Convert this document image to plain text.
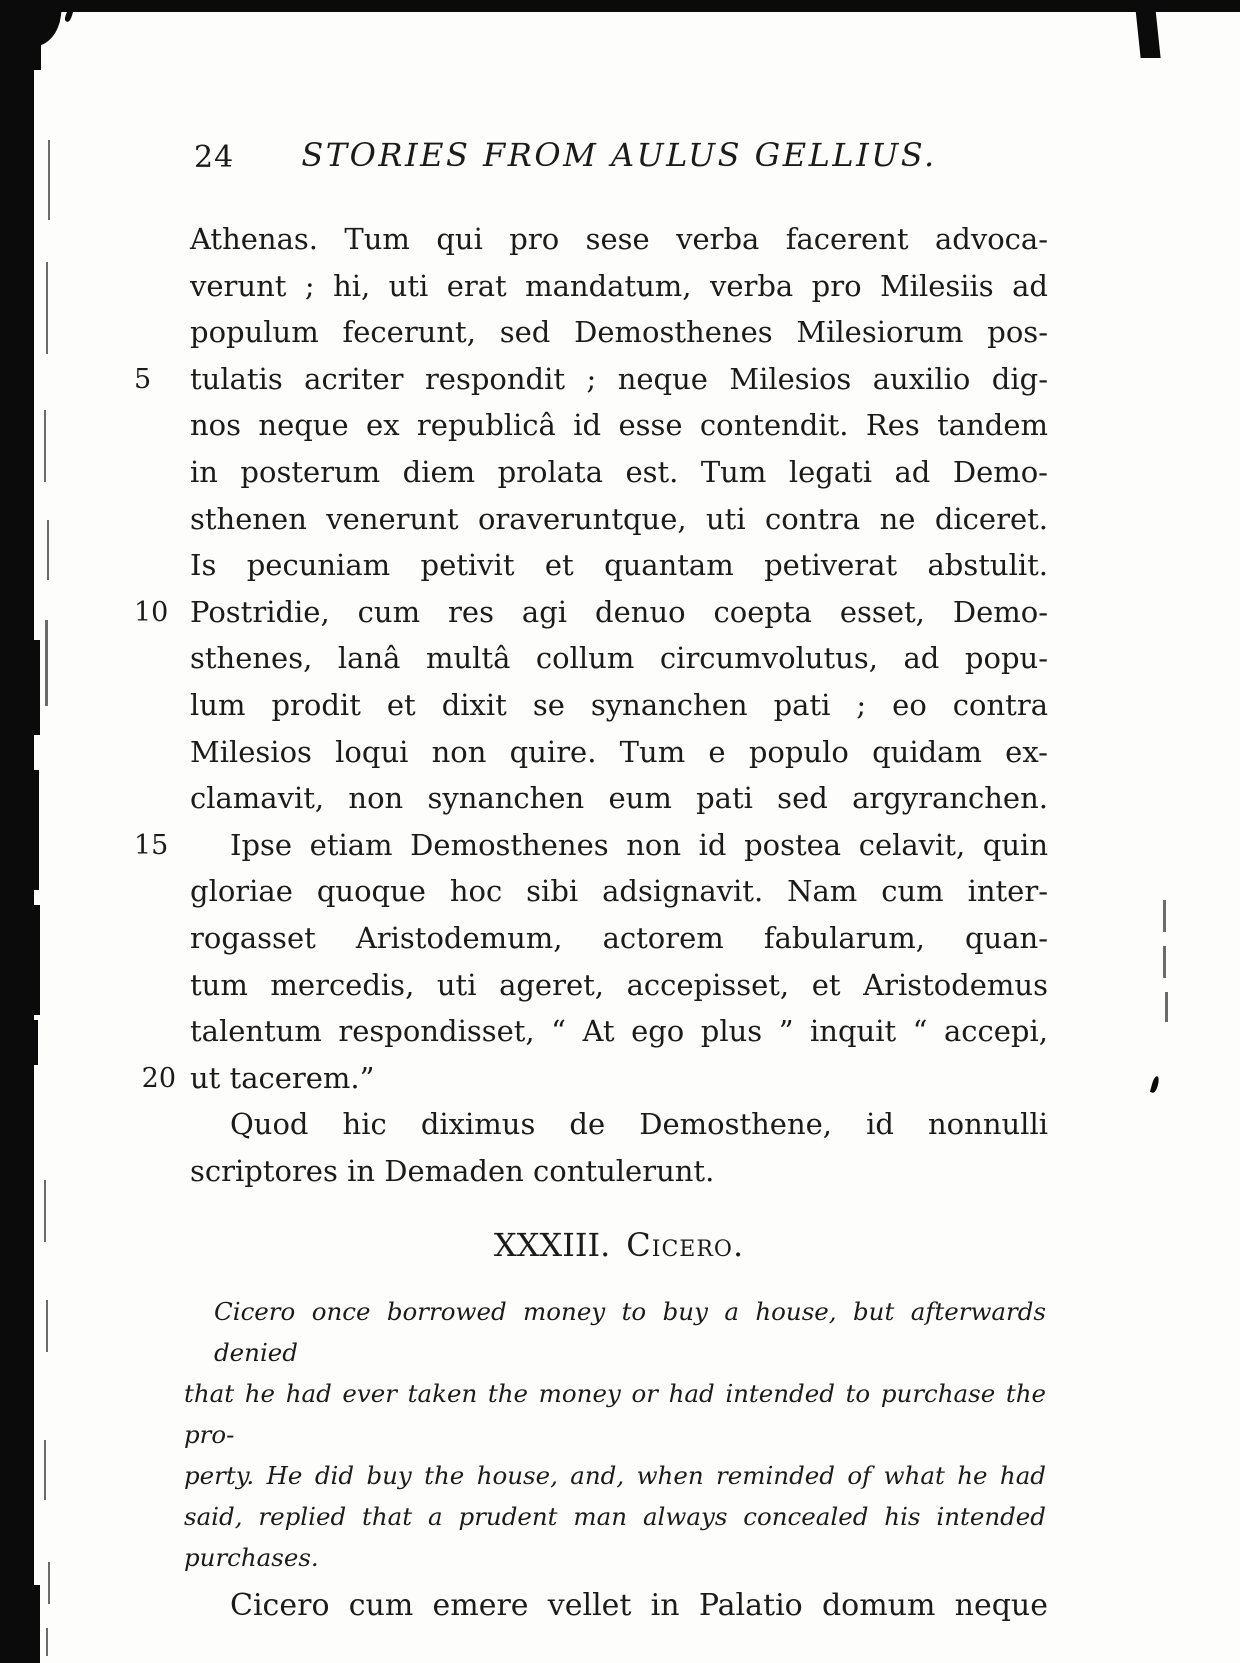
24	STORIES FROM AULUS GELLIUS.
Athenas. Tum qui pro sese verba facerent advoca-
verunt ; hi, uti erat mandatum, verba pro Milesiis ad
populum fecerunt, sed Demosthenes Milesiorum pos-
5	tulatis acriter respondit ; neque Milesios auxilio dig-
nos neque ex republicâ id esse contendit. Res tandem
in posterum diem prolata est. Tum legati ad Demo-
sthenen venerunt oraveruntque, uti contra ne diceret.
Is pecuniam petivit et quantam petiverat abstulit.
10 Postridie, cum res agi denuo coepta esset, Demo-
sthenes, lanâ multâ collum circumvolutus, ad popu-
lum prodit et dixit se synanchen pati ; eo contra
Milesios loqui non quire. Tum e populo quidam ex-
clamavit, non synanchen eum pati sed argyranchen.
15 Ipse etiam Demosthenes non id postea celavit, quin
gloriae quoque hoc sibi adsignavit. Nam cum inter-
rogasset Aristodemum, actorem fabularum, quan-
tum mercedis, uti ageret, accepisset, et Aristodemus
talentum respondisset, “ At ego plus ” inquit “ accepi,
20 ut tacerem.”
Quod hic diximus de Demosthene, id nonnulli
scriptores in Demaden contulerunt.
XXXIII. Cicero.
Cicero once borrowed money to buy a house, but afterwards denied
that he had ever taken the money or had intended to purchase the pro-
perty. He did buy the house, and, when reminded of what he had
said, replied that a prudent man always concealed his intended
purchases.
Cicero cum emere vellet in Palatio domum neque
